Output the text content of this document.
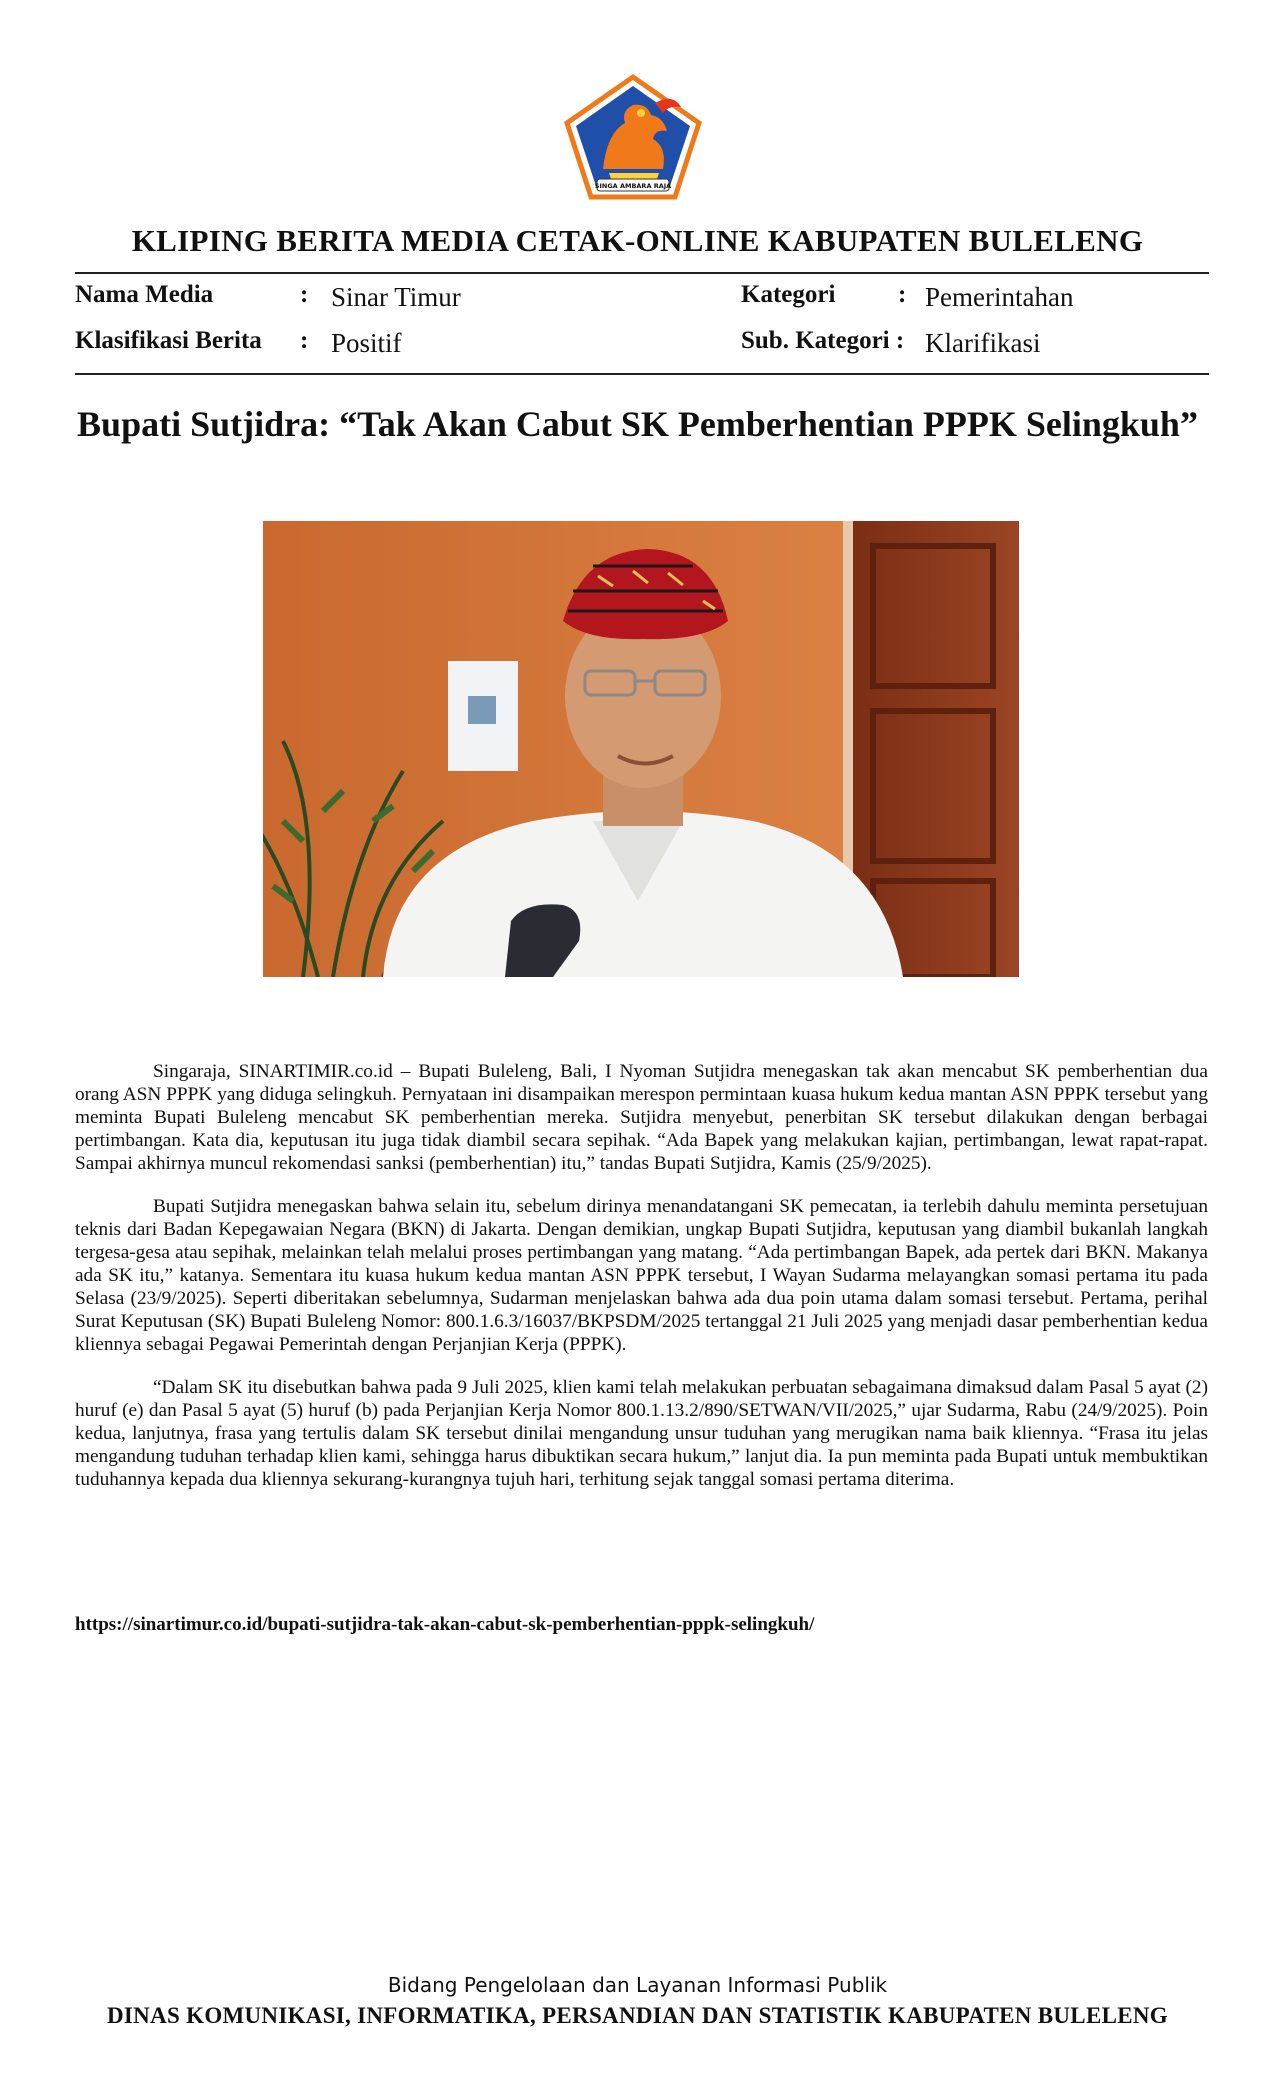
SINGA AMBARA RAJA
KLIPING BERITA MEDIA CETAK-ONLINE KABUPATEN BULELENG
Nama Media	: Sinar Timur	Kategori	: Pemerintahan
Klasifikasi Berita : Positif	Sub. Kategori : Klarifikasi
Bupati Sutjidra: “Tak Akan Cabut SK Pemberhentian PPPK Selingkuh”

Singaraja, SINARTIMIR.co.id – Bupati Buleleng, Bali, I Nyoman Sutjidra menegaskan tak akan mencabut SK pemberhentian dua orang ASN PPPK yang diduga selingkuh. Pernyataan ini disampaikan merespon permintaan kuasa hukum kedua mantan ASN PPPK tersebut yang meminta Bupati Buleleng mencabut SK pemberhentian mereka. Sutjidra menyebut, penerbitan SK tersebut dilakukan dengan berbagai pertimbangan. Kata dia, keputusan itu juga tidak diambil secara sepihak. “Ada Bapek yang melakukan kajian, pertimbangan, lewat rapat-rapat. Sampai akhirnya muncul rekomendasi sanksi (pemberhentian) itu,” tandas Bupati Sutjidra, Kamis (25/9/2025).

Bupati Sutjidra menegaskan bahwa selain itu, sebelum dirinya menandatangani SK pemecatan, ia terlebih dahulu meminta persetujuan teknis dari Badan Kepegawaian Negara (BKN) di Jakarta. Dengan demikian, ungkap Bupati Sutjidra, keputusan yang diambil bukanlah langkah tergesa-gesa atau sepihak, melainkan telah melalui proses pertimbangan yang matang. “Ada pertimbangan Bapek, ada pertek dari BKN. Makanya ada SK itu,” katanya. Sementara itu kuasa hukum kedua mantan ASN PPPK tersebut, I Wayan Sudarma melayangkan somasi pertama itu pada Selasa (23/9/2025). Seperti diberitakan sebelumnya, Sudarman menjelaskan bahwa ada dua poin utama dalam somasi tersebut. Pertama, perihal Surat Keputusan (SK) Bupati Buleleng Nomor: 800.1.6.3/16037/BKPSDM/2025 tertanggal 21 Juli 2025 yang menjadi dasar pemberhentian kedua kliennya sebagai Pegawai Pemerintah dengan Perjanjian Kerja (PPPK).

“Dalam SK itu disebutkan bahwa pada 9 Juli 2025, klien kami telah melakukan perbuatan sebagaimana dimaksud dalam Pasal 5 ayat (2) huruf (e) dan Pasal 5 ayat (5) huruf (b) pada Perjanjian Kerja Nomor 800.1.13.2/890/SETWAN/VII/2025,” ujar Sudarma, Rabu (24/9/2025). Poin kedua, lanjutnya, frasa yang tertulis dalam SK tersebut dinilai mengandung unsur tuduhan yang merugikan nama baik kliennya. “Frasa itu jelas mengandung tuduhan terhadap klien kami, sehingga harus dibuktikan secara hukum,” lanjut dia. Ia pun meminta pada Bupati untuk membuktikan tuduhannya kepada dua kliennya sekurang-kurangnya tujuh hari, terhitung sejak tanggal somasi pertama diterima.

https://sinartimur.co.id/bupati-sutjidra-tak-akan-cabut-sk-pemberhentian-pppk-selingkuh/
Bidang Pengelolaan dan Layanan Informasi Publik
DINAS KOMUNIKASI, INFORMATIKA, PERSANDIAN DAN STATISTIK KABUPATEN BULELENG
